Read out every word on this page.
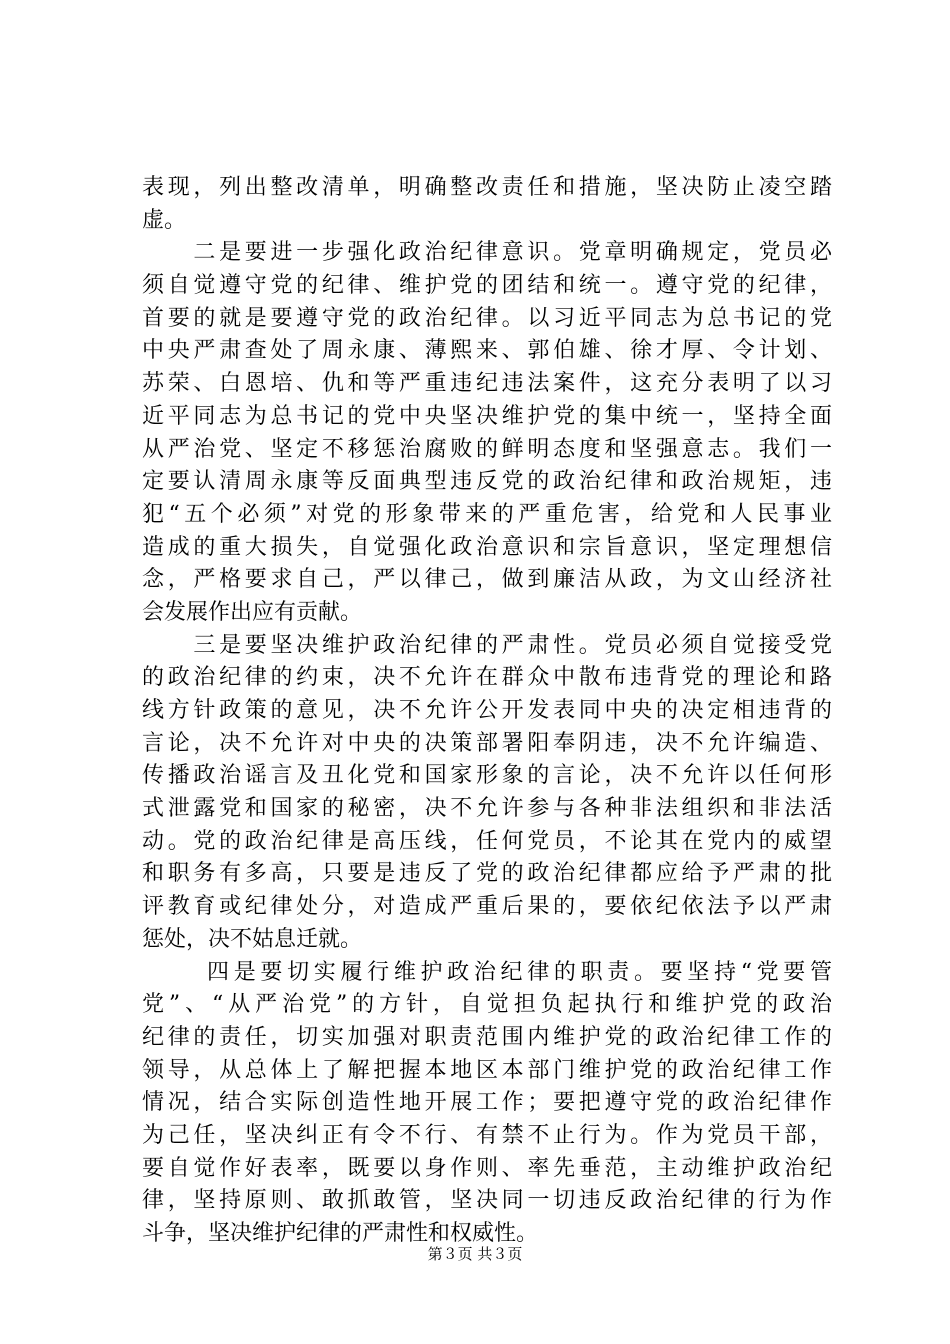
表现，列出整改清单，明确整改责任和措施，坚决防止凌空踏
虚。
　　二是要进一步强化政治纪律意识。党章明确规定，党员必
须自觉遵守党的纪律、维护党的团结和统一。遵守党的纪律，
首要的就是要遵守党的政治纪律。以习近平同志为总书记的党
中央严肃查处了周永康、薄熙来、郭伯雄、徐才厚、令计划、
苏荣、白恩培、仇和等严重违纪违法案件，这充分表明了以习
近平同志为总书记的党中央坚决维护党的集中统一，坚持全面
从严治党、坚定不移惩治腐败的鲜明态度和坚强意志。我们一
定要认清周永康等反面典型违反党的政治纪律和政治规矩，违
犯“五个必须”对党的形象带来的严重危害，给党和人民事业
造成的重大损失，自觉强化政治意识和宗旨意识，坚定理想信
念，严格要求自己，严以律己，做到廉洁从政，为文山经济社
会发展作出应有贡献。
　　三是要坚决维护政治纪律的严肃性。党员必须自觉接受党
的政治纪律的约束，决不允许在群众中散布违背党的理论和路
线方针政策的意见，决不允许公开发表同中央的决定相违背的
言论，决不允许对中央的决策部署阳奉阴违，决不允许编造、
传播政治谣言及丑化党和国家形象的言论，决不允许以任何形
式泄露党和国家的秘密，决不允许参与各种非法组织和非法活
动。党的政治纪律是高压线，任何党员，不论其在党内的威望
和职务有多高，只要是违反了党的政治纪律都应给予严肃的批
评教育或纪律处分，对造成严重后果的，要依纪依法予以严肃
惩处，决不姑息迁就。
　　 四是要切实履行维护政治纪律的职责。要坚持“党要管
党”、“从严治党”的方针，自觉担负起执行和维护党的政治
纪律的责任，切实加强对职责范围内维护党的政治纪律工作的
领导，从总体上了解把握本地区本部门维护党的政治纪律工作
情况，结合实际创造性地开展工作；要把遵守党的政治纪律作
为己任，坚决纠正有令不行、有禁不止行为。作为党员干部，
要自觉作好表率，既要以身作则、率先垂范，主动维护政治纪
律，坚持原则、敢抓敢管，坚决同一切违反政治纪律的行为作
斗争，坚决维护纪律的严肃性和权威性。
第３页 共３页
